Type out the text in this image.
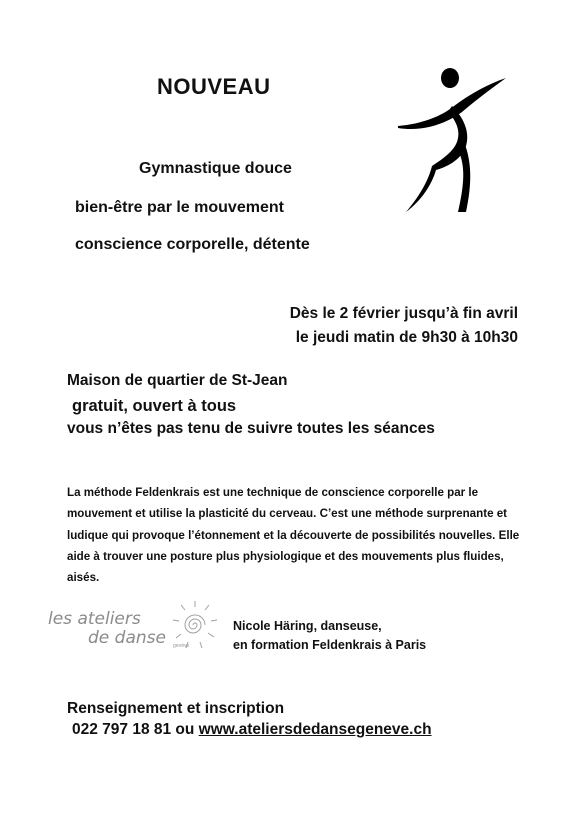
NOUVEAU
Gymnastique douce
bien-être par le mouvement
conscience corporelle, détente
Dès le 2 février jusqu’à fin avril
le jeudi matin de 9h30 à 10h30
Maison de quartier de St-Jean
gratuit, ouvert à tous
vous n’êtes pas tenu de suivre toutes les séances
La méthode Feldenkrais est une technique de conscience corporelle par le mouvement et utilise la plasticité du cerveau. C’est une méthode surprenante et ludique qui provoque l’étonnement et la découverte de possibilités nouvelles. Elle aide à trouver une posture plus physiologique et des mouvements plus fluides, aisés.
les ateliers
de danse genève
Nicole Häring, danseuse,
en formation Feldenkrais à Paris
Renseignement et inscription
022 797 18 81 ou www.ateliersdedansegeneve.ch
